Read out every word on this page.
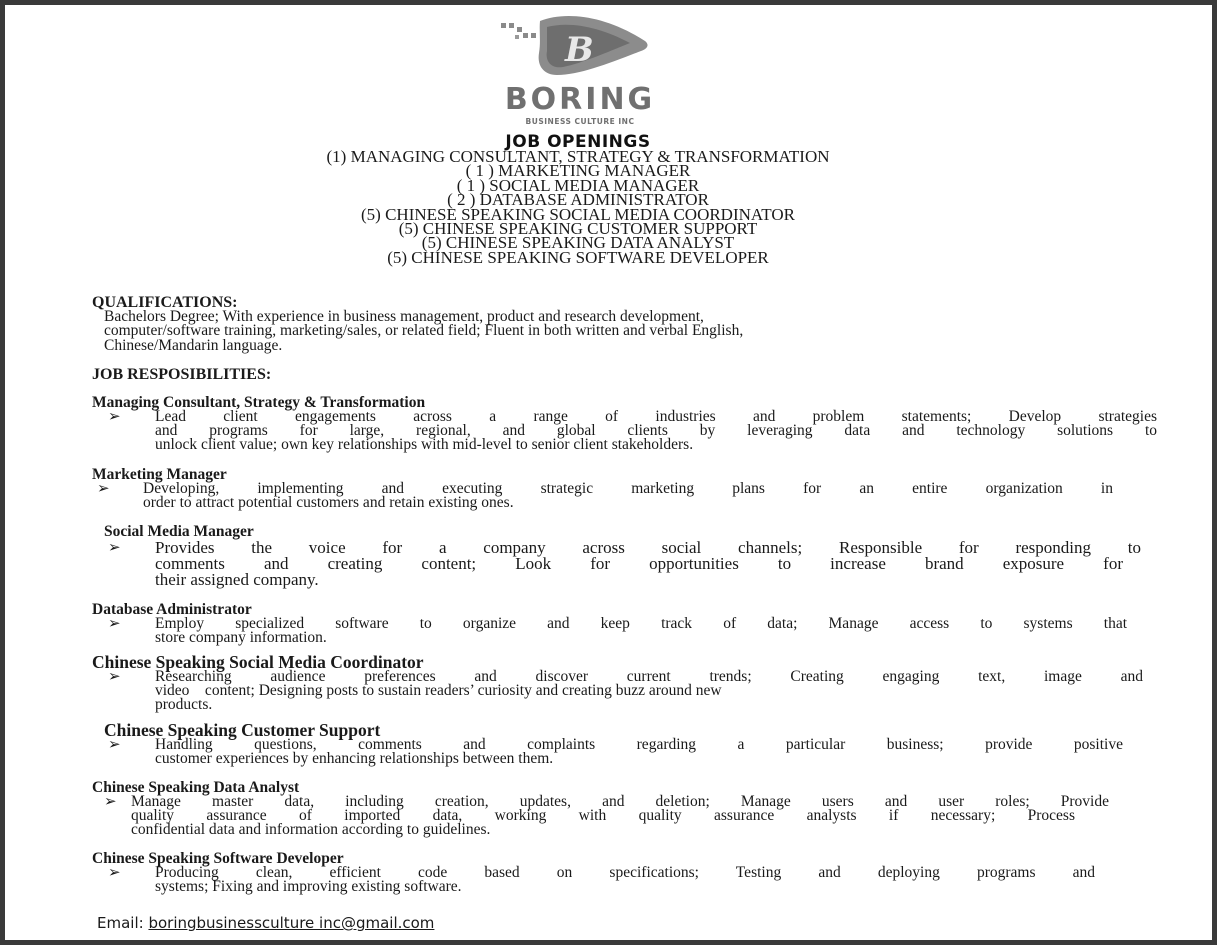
B
BORING
BUSINESS CULTURE INC
JOB OPENINGS
(1) MANAGING CONSULTANT, STRATEGY & TRANSFORMATION
( 1 ) MARKETING MANAGER
( 1 ) SOCIAL MEDIA MANAGER
( 2 ) DATABASE ADMINISTRATOR
(5) CHINESE SPEAKING SOCIAL MEDIA COORDINATOR
(5) CHINESE SPEAKING CUSTOMER SUPPORT
(5) CHINESE SPEAKING DATA ANALYST
(5) CHINESE SPEAKING SOFTWARE DEVELOPER
QUALIFICATIONS:
Bachelors Degree; With experience in business management, product and research development,
computer/software training, marketing/sales, or related field; Fluent in both written and verbal English,
Chinese/Mandarin language.
JOB RESPOSIBILITIES:
Managing Consultant, Strategy & Transformation
➢ Lead client engagements across a range of industries and problem statements; Develop strategies
and programs for large, regional, and global clients by leveraging data and technology solutions to
unlock client value; own key relationships with mid-level to senior client stakeholders.
Marketing Manager
➢ Developing, implementing and executing strategic marketing plans for an entire organization in
order to attract potential customers and retain existing ones.
Social Media Manager
➢ Provides the voice for a company across social channels; Responsible for responding to
comments and creating content; Look for opportunities to increase brand exposure for
their assigned company.
Database Administrator
➢ Employ specialized software to organize and keep track of data; Manage access to systems that
store company information.
Chinese Speaking Social Media Coordinator
➢ Researching audience preferences and discover current trends; Creating engaging text, image and
video    content; Designing posts to sustain readers’ curiosity and creating buzz around new
products.
Chinese Speaking Customer Support
➢ Handling questions, comments and complaints regarding a particular business; provide positive
customer experiences by enhancing relationships between them.
Chinese Speaking Data Analyst
➢ Manage master data, including creation, updates, and deletion; Manage users and user roles; Provide
quality assurance of imported data, working with quality assurance analysts if necessary; Process
confidential data and information according to guidelines.
Chinese Speaking Software Developer
➢ Producing clean, efficient code based on specifications; Testing and deploying programs and
systems; Fixing and improving existing software.
Email: boringbusinessculture inc@gmail.com
